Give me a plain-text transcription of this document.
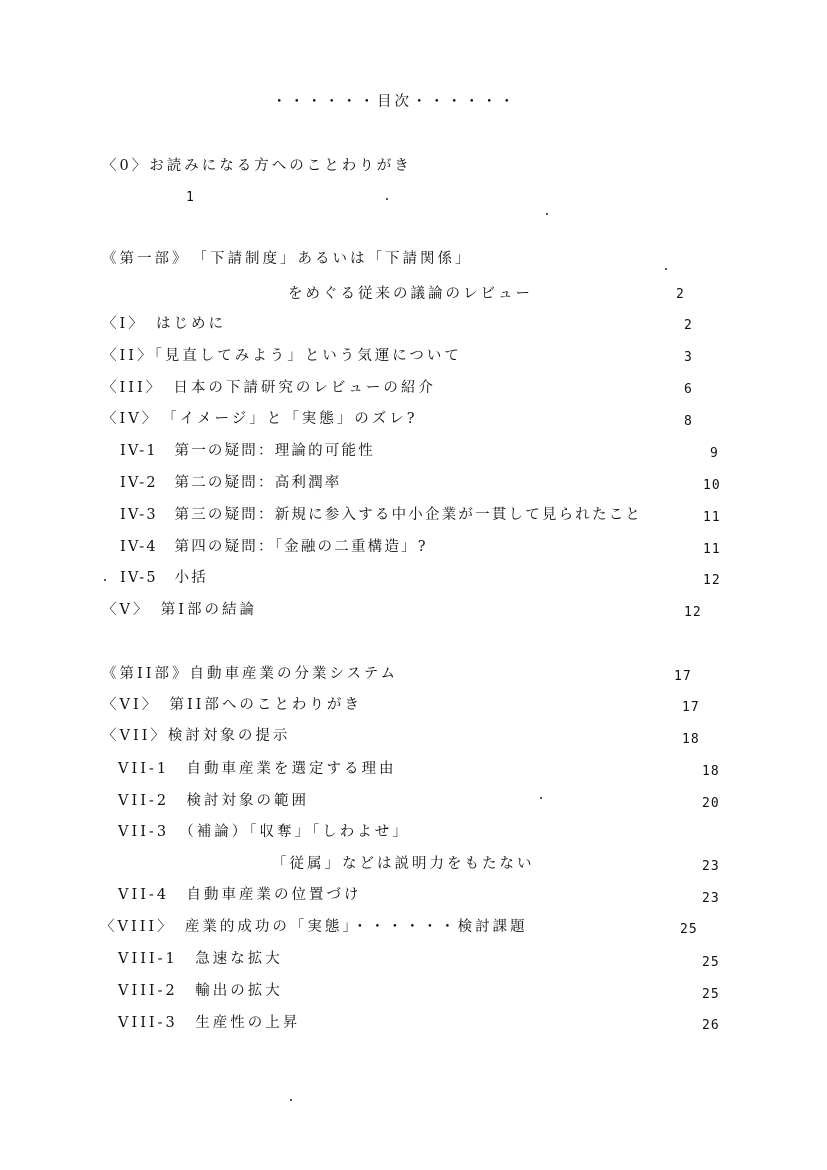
・・・・・・目次・・・・・・
〈0〉お読みになる方へのことわりがき
1
《第一部》　「下請制度」あるいは「下請関係」
をめぐる従来の議論のレビュー	2
〈I〉　はじめに	2
〈II〉「見直してみよう」という気運について	3
〈III〉　日本の下請研究のレビューの紹介	6
〈IV〉　「イメージ」と「実態」のズレ?	8
IV-1　第一の疑問：理論的可能性	9
IV-2　第二の疑問：高利潤率	10
IV-3　第三の疑問：新規に参入する中小企業が一貫して見られたこと	11
IV-4　第四の疑問：「金融の二重構造」?	11
IV-5　小括	12
〈V〉　第I部の結論	12
《第II部》自動車産業の分業システム	17
〈VI〉　第II部へのことわりがき	17
〈VII〉検討対象の提示	18
VII-1　自動車産業を選定する理由	18
VII-2　検討対象の範囲	20
VII-3　（補論）「収奪」「しわよせ」
「従属」などは説明力をもたない	23
VII-4　自動車産業の位置づけ	23
〈VIII〉　産業的成功の「実態」・・・・・・検討課題	25
VIII-1　急速な拡大	25
VIII-2　輸出の拡大	25
VIII-3　生産性の上昇	26
